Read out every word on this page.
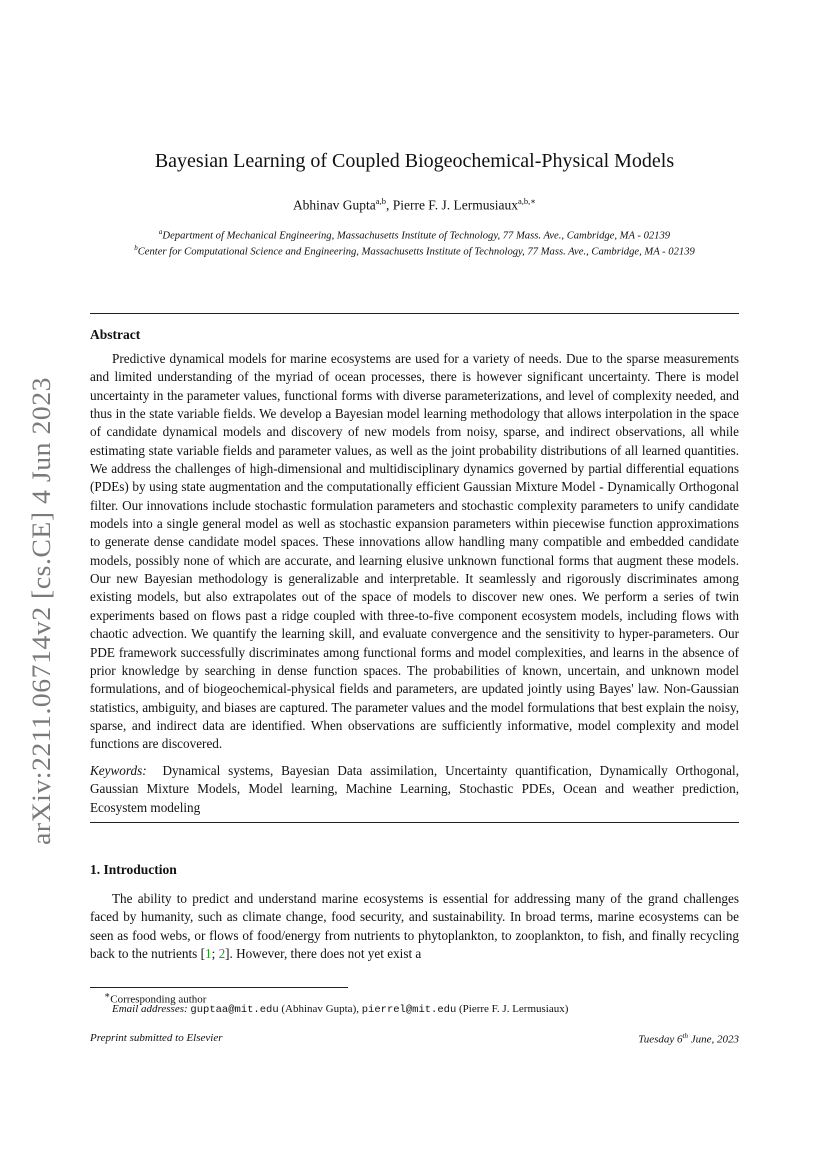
arXiv:2211.06714v2 [cs.CE] 4 Jun 2023
Bayesian Learning of Coupled Biogeochemical-Physical Models
Abhinav Gupta$^{a,b}$, Pierre F. J. Lermusiaux$^{a,b,∗}$
$^a$Department of Mechanical Engineering, Massachusetts Institute of Technology, 77 Mass. Ave., Cambridge, MA - 02139
$^b$Center for Computational Science and Engineering, Massachusetts Institute of Technology, 77 Mass. Ave., Cambridge, MA - 02139
Abstract
Predictive dynamical models for marine ecosystems are used for a variety of needs. Due to the sparse measurements and limited understanding of the myriad of ocean processes, there is however significant uncertainty. There is model uncertainty in the parameter values, functional forms with diverse parameterizations, and level of complexity needed, and thus in the state variable fields. We develop a Bayesian model learning methodology that allows interpolation in the space of candidate dynamical models and discovery of new models from noisy, sparse, and indirect observations, all while estimating state variable fields and parameter values, as well as the joint probability distributions of all learned quantities. We address the challenges of high-dimensional and multidisciplinary dynamics governed by partial differential equations (PDEs) by using state augmentation and the computationally efficient Gaussian Mixture Model - Dynamically Orthogonal filter. Our innovations include stochastic formulation parameters and stochastic complexity parameters to unify candidate models into a single general model as well as stochastic expansion parameters within piecewise function approximations to generate dense candidate model spaces. These innovations allow handling many compatible and embedded candidate models, possibly none of which are accurate, and learning elusive unknown functional forms that augment these models. Our new Bayesian methodology is generalizable and interpretable. It seamlessly and rigorously discriminates among existing models, but also extrapolates out of the space of models to discover new ones. We perform a series of twin experiments based on flows past a ridge coupled with three-to-five component ecosystem models, including flows with chaotic advection. We quantify the learning skill, and evaluate convergence and the sensitivity to hyper-parameters. Our PDE framework successfully discriminates among functional forms and model complexities, and learns in the absence of prior knowledge by searching in dense function spaces. The probabilities of known, uncertain, and unknown model formulations, and of biogeochemical-physical fields and parameters, are updated jointly using Bayes' law. Non-Gaussian statistics, ambiguity, and biases are captured. The parameter values and the model formulations that best explain the noisy, sparse, and indirect data are identified. When observations are sufficiently informative, model complexity and model functions are discovered.
Keywords: Dynamical systems, Bayesian Data assimilation, Uncertainty quantification, Dynamically Orthogonal, Gaussian Mixture Models, Model learning, Machine Learning, Stochastic PDEs, Ocean and weather prediction, Ecosystem modeling
1. Introduction
The ability to predict and understand marine ecosystems is essential for addressing many of the grand challenges faced by humanity, such as climate change, food security, and sustainability. In broad terms, marine ecosystems can be seen as food webs, or flows of food/energy from nutrients to phytoplankton, to zooplankton, to fish, and finally recycling back to the nutrients [1; 2]. However, there does not yet exist a
∗Corresponding author
Email addresses: guptaa@mit.edu (Abhinav Gupta), pierrel@mit.edu (Pierre F. J. Lermusiaux)
Preprint submitted to Elsevier	Tuesday 6th June, 2023
